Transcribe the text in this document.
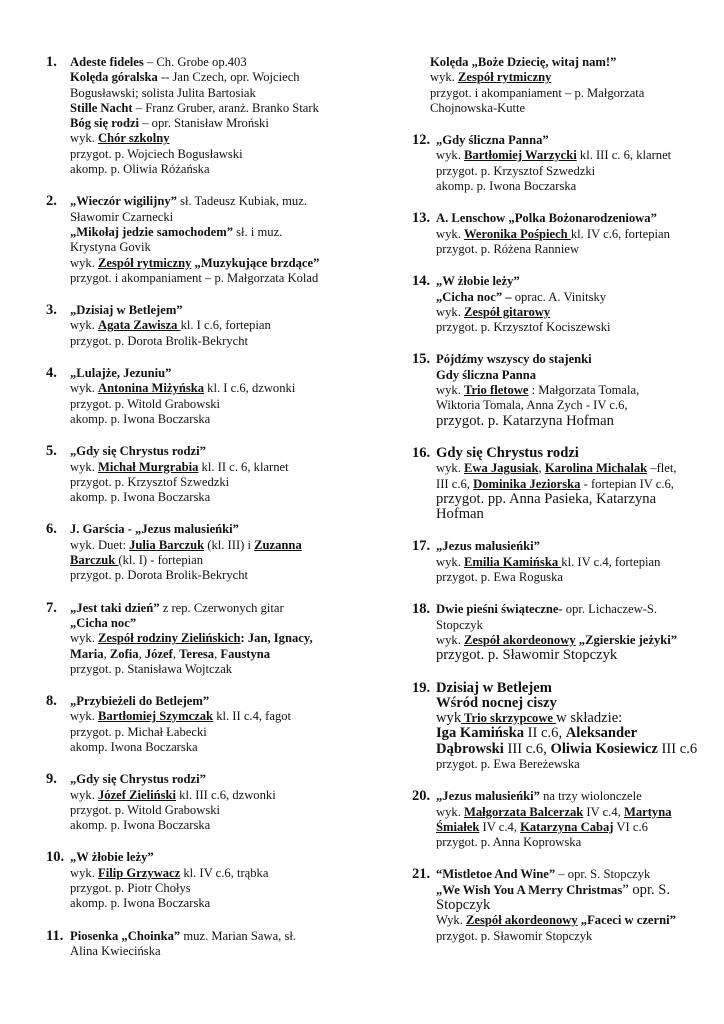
1.	Adeste fideles – Ch. Grobe op.403
Kolęda góralska -- Jan Czech, opr. Wojciech
Bogusławski; solista Julita Bartosiak
Stille Nacht – Franz Gruber, aranż. Branko Stark
Bóg się rodzi – opr. Stanisław Mroński
wyk. Chór szkolny
przygot. p. Wojciech Bogusławski
akomp. p. Oliwia Różańska
2.	„Wieczór wigilijny” sł. Tadeusz Kubiak, muz.
Sławomir Czarnecki
„Mikołaj jedzie samochodem” sł. i muz.
Krystyna Govik
wyk. Zespół rytmiczny „Muzykujące brzdące”
przygot. i akompaniament – p. Małgorzata Kolad
3.	„Dzisiaj w Betlejem”
wyk. Agata Zawisza kl. I c.6, fortepian
przygot. p. Dorota Brolik-Bekrycht
4.	„Lulajże, Jezuniu”
wyk. Antonina Miżyńska kl. I c.6, dzwonki
przygot. p. Witold Grabowski
akomp. p. Iwona Boczarska
5.	„Gdy się Chrystus rodzi”
wyk. Michał Murgrabia kl. II c. 6, klarnet
przygot. p. Krzysztof Szwedzki
akomp. p. Iwona Boczarska
6.	J. Garścia - „Jezus malusieńki”
wyk. Duet: Julia Barczuk (kl. III) i Zuzanna
Barczuk (kl. I) - fortepian
przygot. p. Dorota Brolik-Bekrycht
7.	„Jest taki dzień” z rep. Czerwonych gitar
„Cicha noc”
wyk. Zespół rodziny Zielińskich: Jan, Ignacy,
Maria, Zofia, Józef, Teresa, Faustyna
przygot. p. Stanisława Wojtczak
8.	„Przybieżeli do Betlejem”
wyk. Bartłomiej Szymczak kl. II c.4, fagot
przygot. p. Michał Łabecki
akomp. Iwona Boczarska
9.	„Gdy się Chrystus rodzi”
wyk. Józef Zieliński kl. III c.6, dzwonki
przygot. p. Witold Grabowski
akomp. p. Iwona Boczarska
10. „W żłobie leży”
wyk. Filip Grzywacz kl. IV c.6, trąbka
przygot. p. Piotr Chołys
akomp. p. Iwona Boczarska
11. Piosenka „Choinka” muz. Marian Sawa, sł.
Alina Kwiecińska
Kolęda „Boże Dziecię, witaj nam!”
wyk. Zespół rytmiczny
przygot. i akompaniament – p. Małgorzata
Chojnowska-Kutte
12. „Gdy śliczna Panna”
wyk. Bartłomiej Warzycki kl. III c. 6, klarnet
przygot. p. Krzysztof Szwedzki
akomp. p. Iwona Boczarska
13. A. Lenschow „Polka Bożonarodzeniowa”
wyk. Weronika Pośpiech kl. IV c.6, fortepian
przygot. p. Różena Ranniew
14. „W żłobie leży”
„Cicha noc” – oprac. A. Vinitsky
wyk. Zespół gitarowy
przygot. p. Krzysztof Kociszewski
15. Pójdźmy wszyscy do stajenki
Gdy śliczna Panna
wyk. Trio fletowe : Małgorzata Tomala,
Wiktoria Tomala, Anna Zych - IV c.6,
przygot. p. Katarzyna Hofman
16. Gdy się Chrystus rodzi
wyk. Ewa Jagusiak, Karolina Michalak –flet,
III c.6, Dominika Jeziorska - fortepian IV c.6,
przygot. pp. Anna Pasieka, Katarzyna
Hofman
17. „Jezus malusieńki”
wyk. Emilia Kamińska kl. IV c.4, fortepian
przygot. p. Ewa Roguska
18. Dwie pieśni świąteczne- opr. Lichaczew-S.
Stopczyk
wyk. Zespół akordeonowy „Zgierskie jeżyki”
przygot. p. Sławomir Stopczyk
19. Dzisiaj w Betlejem
Wśród nocnej ciszy
wyk Trio skrzypcowe w składzie:
Iga Kamińska II c.6, Aleksander
Dąbrowski III c.6, Oliwia Kosiewicz III c.6
przygot. p. Ewa Bereżewska
20. „Jezus malusieńki” na trzy wiolonczele
wyk. Małgorzata Balcerzak IV c.4, Martyna
Śmiałek IV c.4, Katarzyna Cabaj VI c.6
przygot. p. Anna Koprowska
21. “Mistletoe And Wine” – opr. S. Stopczyk
„We Wish You A Merry Christmas” opr. S.
Stopczyk
Wyk. Zespół akordeonowy „Faceci w czerni”
przygot. p. Sławomir Stopczyk
